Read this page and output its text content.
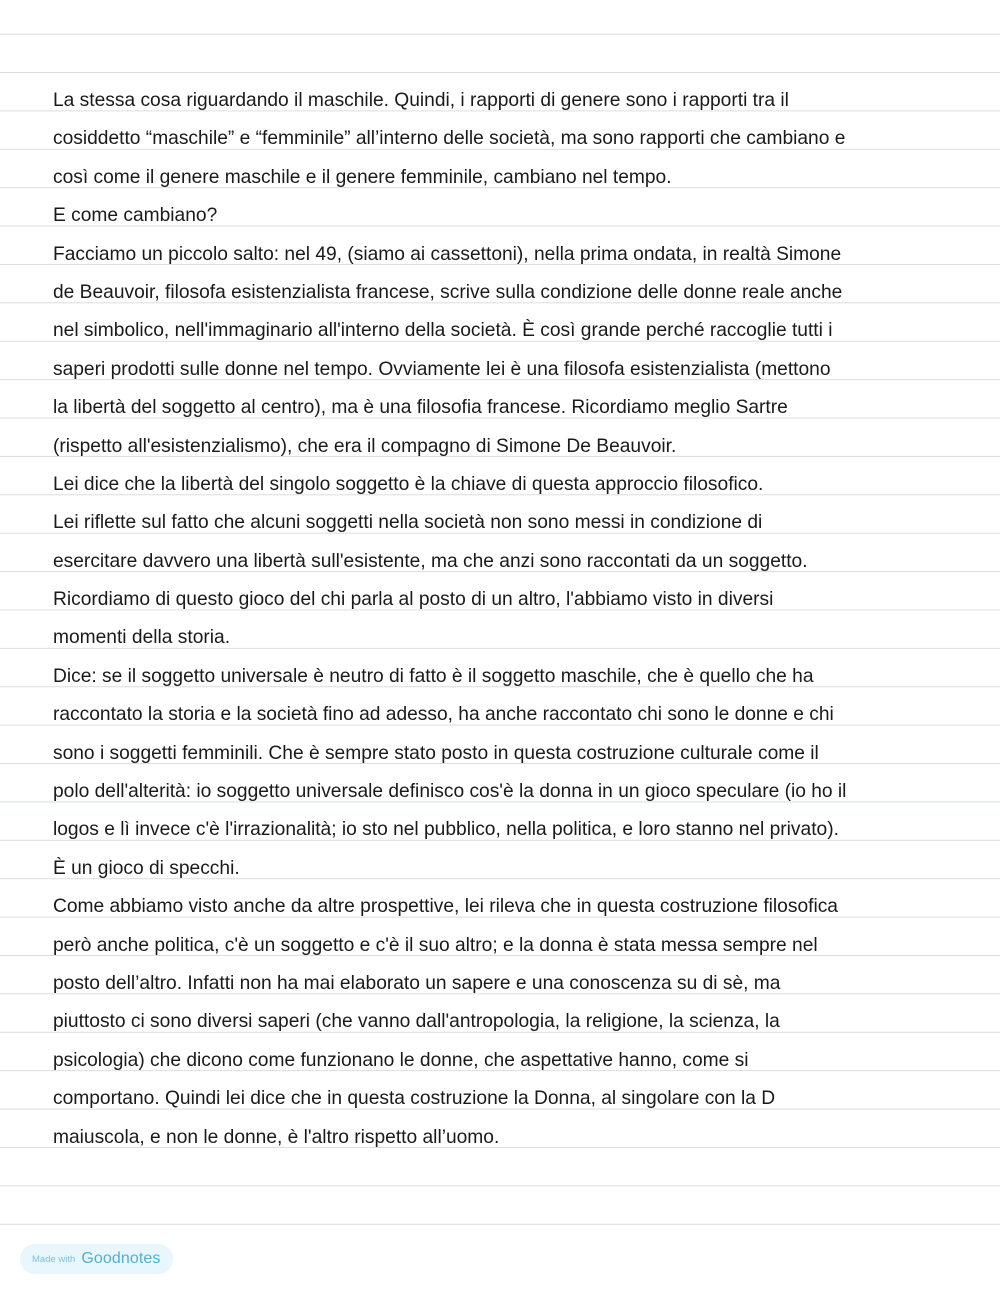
La stessa cosa riguardando il maschile. Quindi, i rapporti di genere sono i rapporti tra il
cosiddetto “maschile” e “femminile” all’interno delle società, ma sono rapporti che cambiano e
così come il genere maschile e il genere femminile, cambiano nel tempo.
E come cambiano?
Facciamo un piccolo salto: nel 49, (siamo ai cassettoni), nella prima ondata, in realtà Simone
de Beauvoir, filosofa esistenzialista francese, scrive sulla condizione delle donne reale anche
nel simbolico, nell'immaginario all'interno della società. È così grande perché raccoglie tutti i
saperi prodotti sulle donne nel tempo. Ovviamente lei è una filosofa esistenzialista (mettono
la libertà del soggetto al centro), ma è una filosofia francese. Ricordiamo meglio Sartre
(rispetto all'esistenzialismo), che era il compagno di Simone De Beauvoir.
Lei dice che la libertà del singolo soggetto è la chiave di questa approccio filosofico.
Lei riflette sul fatto che alcuni soggetti nella società non sono messi in condizione di
esercitare davvero una libertà sull'esistente, ma che anzi sono raccontati da un soggetto.
Ricordiamo di questo gioco del chi parla al posto di un altro, l'abbiamo visto in diversi
momenti della storia.
Dice: se il soggetto universale è neutro di fatto è il soggetto maschile, che è quello che ha
raccontato la storia e la società fino ad adesso, ha anche raccontato chi sono le donne e chi
sono i soggetti femminili. Che è sempre stato posto in questa costruzione culturale come il
polo dell'alterità: io soggetto universale definisco cos'è la donna in un gioco speculare (io ho il
logos e lì invece c'è l'irrazionalità; io sto nel pubblico, nella politica, e loro stanno nel privato).
È un gioco di specchi.
Come abbiamo visto anche da altre prospettive, lei rileva che in questa costruzione filosofica
però anche politica, c'è un soggetto e c'è il suo altro; e la donna è stata messa sempre nel
posto dell’altro. Infatti non ha mai elaborato un sapere e una conoscenza su di sè, ma
piuttosto ci sono diversi saperi (che vanno dall'antropologia, la religione, la scienza, la
psicologia) che dicono come funzionano le donne, che aspettative hanno, come si
comportano. Quindi lei dice che in questa costruzione la Donna, al singolare con la D
maiuscola, e non le donne, è l'altro rispetto all’uomo.
Made with Goodnotes
